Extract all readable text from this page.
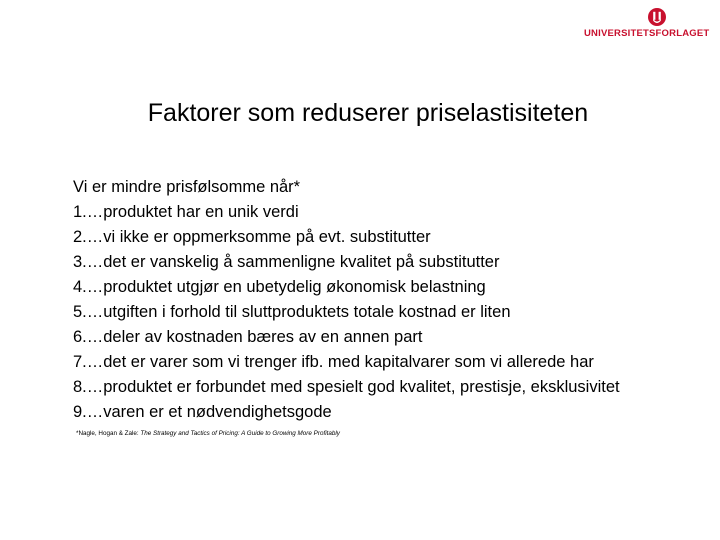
UNIVERSITETSFORLAGET
Faktorer som reduserer priselastisiteten
Vi er mindre prisfølsomme når*
1.…produktet har en unik verdi
2.…vi ikke er oppmerksomme på evt. substitutter
3.…det er vanskelig å sammenligne kvalitet på substitutter
4.…produktet utgjør en ubetydelig økonomisk belastning
5.…utgiften i forhold til sluttproduktets totale kostnad er liten
6.…deler av kostnaden bæres av en annen part
7.…det er varer som vi trenger ifb. med kapitalvarer som vi allerede har
8.…produktet er forbundet med spesielt god kvalitet, prestisje, eksklusivitet
9.…varen er et nødvendighetsgode
*Nagle, Hogan & Zale: The Strategy and Tactics of Pricing: A Guide to Growing More Profitably
